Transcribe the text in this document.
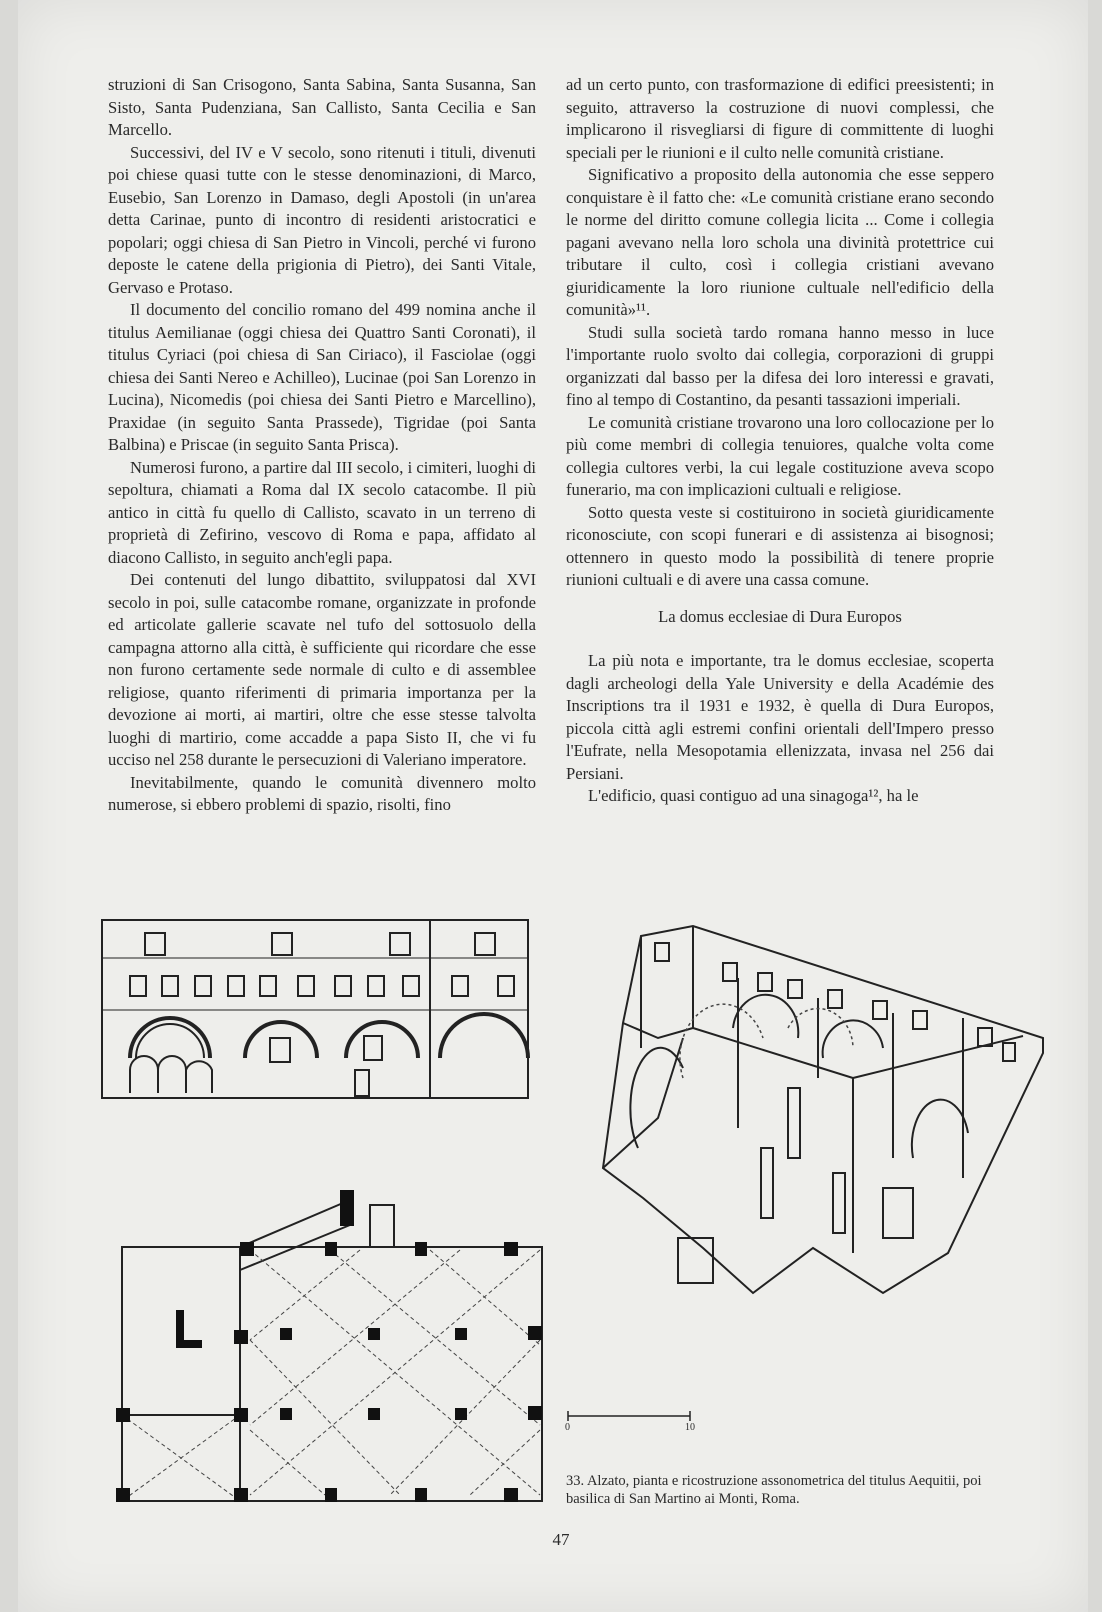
struzioni di San Crisogono, Santa Sabina, Santa Susanna, San Sisto, Santa Pudenziana, San Callisto, Santa Cecilia e San Marcello.

Successivi, del IV e V secolo, sono ritenuti i tituli, divenuti poi chiese quasi tutte con le stesse denominazioni, di Marco, Eusebio, San Lorenzo in Damaso, degli Apostoli (in un'area detta Carinae, punto di incontro di residenti aristocratici e popolari; oggi chiesa di San Pietro in Vincoli, perché vi furono deposte le catene della prigionia di Pietro), dei Santi Vitale, Gervaso e Protaso.

Il documento del concilio romano del 499 nomina anche il titulus Aemilianae (oggi chiesa dei Quattro Santi Coronati), il titulus Cyriaci (poi chiesa di San Ciriaco), il Fasciolae (oggi chiesa dei Santi Nereo e Achilleo), Lucinae (poi San Lorenzo in Lucina), Nicomedis (poi chiesa dei Santi Pietro e Marcellino), Praxidae (in seguito Santa Prassede), Tigridae (poi Santa Balbina) e Priscae (in seguito Santa Prisca).

Numerosi furono, a partire dal III secolo, i cimiteri, luoghi di sepoltura, chiamati a Roma dal IX secolo catacombe. Il più antico in città fu quello di Callisto, scavato in un terreno di proprietà di Zefirino, vescovo di Roma e papa, affidato al diacono Callisto, in seguito anch'egli papa.

Dei contenuti del lungo dibattito, sviluppatosi dal XVI secolo in poi, sulle catacombe romane, organizzate in profonde ed articolate gallerie scavate nel tufo del sottosuolo della campagna attorno alla città, è sufficiente qui ricordare che esse non furono certamente sede normale di culto e di assemblee religiose, quanto riferimenti di primaria importanza per la devozione ai morti, ai martiri, oltre che esse stesse talvolta luoghi di martirio, come accadde a papa Sisto II, che vi fu ucciso nel 258 durante le persecuzioni di Valeriano imperatore.

Inevitabilmente, quando le comunità divennero molto numerose, si ebbero problemi di spazio, risolti, fino

ad un certo punto, con trasformazione di edifici preesistenti; in seguito, attraverso la costruzione di nuovi complessi, che implicarono il risvegliarsi di figure di committente di luoghi speciali per le riunioni e il culto nelle comunità cristiane.

Significativo a proposito della autonomia che esse seppero conquistare è il fatto che: «Le comunità cristiane erano secondo le norme del diritto comune collegia licita ... Come i collegia pagani avevano nella loro schola una divinità protettrice cui tributare il culto, così i collegia cristiani avevano giuridicamente la loro riunione cultuale nell'edificio della comunità»¹¹.

Studi sulla società tardo romana hanno messo in luce l'importante ruolo svolto dai collegia, corporazioni di gruppi organizzati dal basso per la difesa dei loro interessi e gravati, fino al tempo di Costantino, da pesanti tassazioni imperiali.

Le comunità cristiane trovarono una loro collocazione per lo più come membri di collegia tenuiores, qualche volta come collegia cultores verbi, la cui legale costituzione aveva scopo funerario, ma con implicazioni cultuali e religiose.

Sotto questa veste si costituirono in società giuridicamente riconosciute, con scopi funerari e di assistenza ai bisognosi; ottennero in questo modo la possibilità di tenere proprie riunioni cultuali e di avere una cassa comune.

La domus ecclesiae di Dura Europos

La più nota e importante, tra le domus ecclesiae, scoperta dagli archeologi della Yale University e della Académie des Inscriptions tra il 1931 e 1932, è quella di Dura Europos, piccola città agli estremi confini orientali dell'Impero presso l'Eufrate, nella Mesopotamia ellenizzata, invasa nel 256 dai Persiani.

L'edificio, quasi contiguo ad una sinagoga¹², ha le

0	10
33. Alzato, pianta e ricostruzione assonometrica del titulus Aequitii, poi basilica di San Martino ai Monti, Roma.
47
